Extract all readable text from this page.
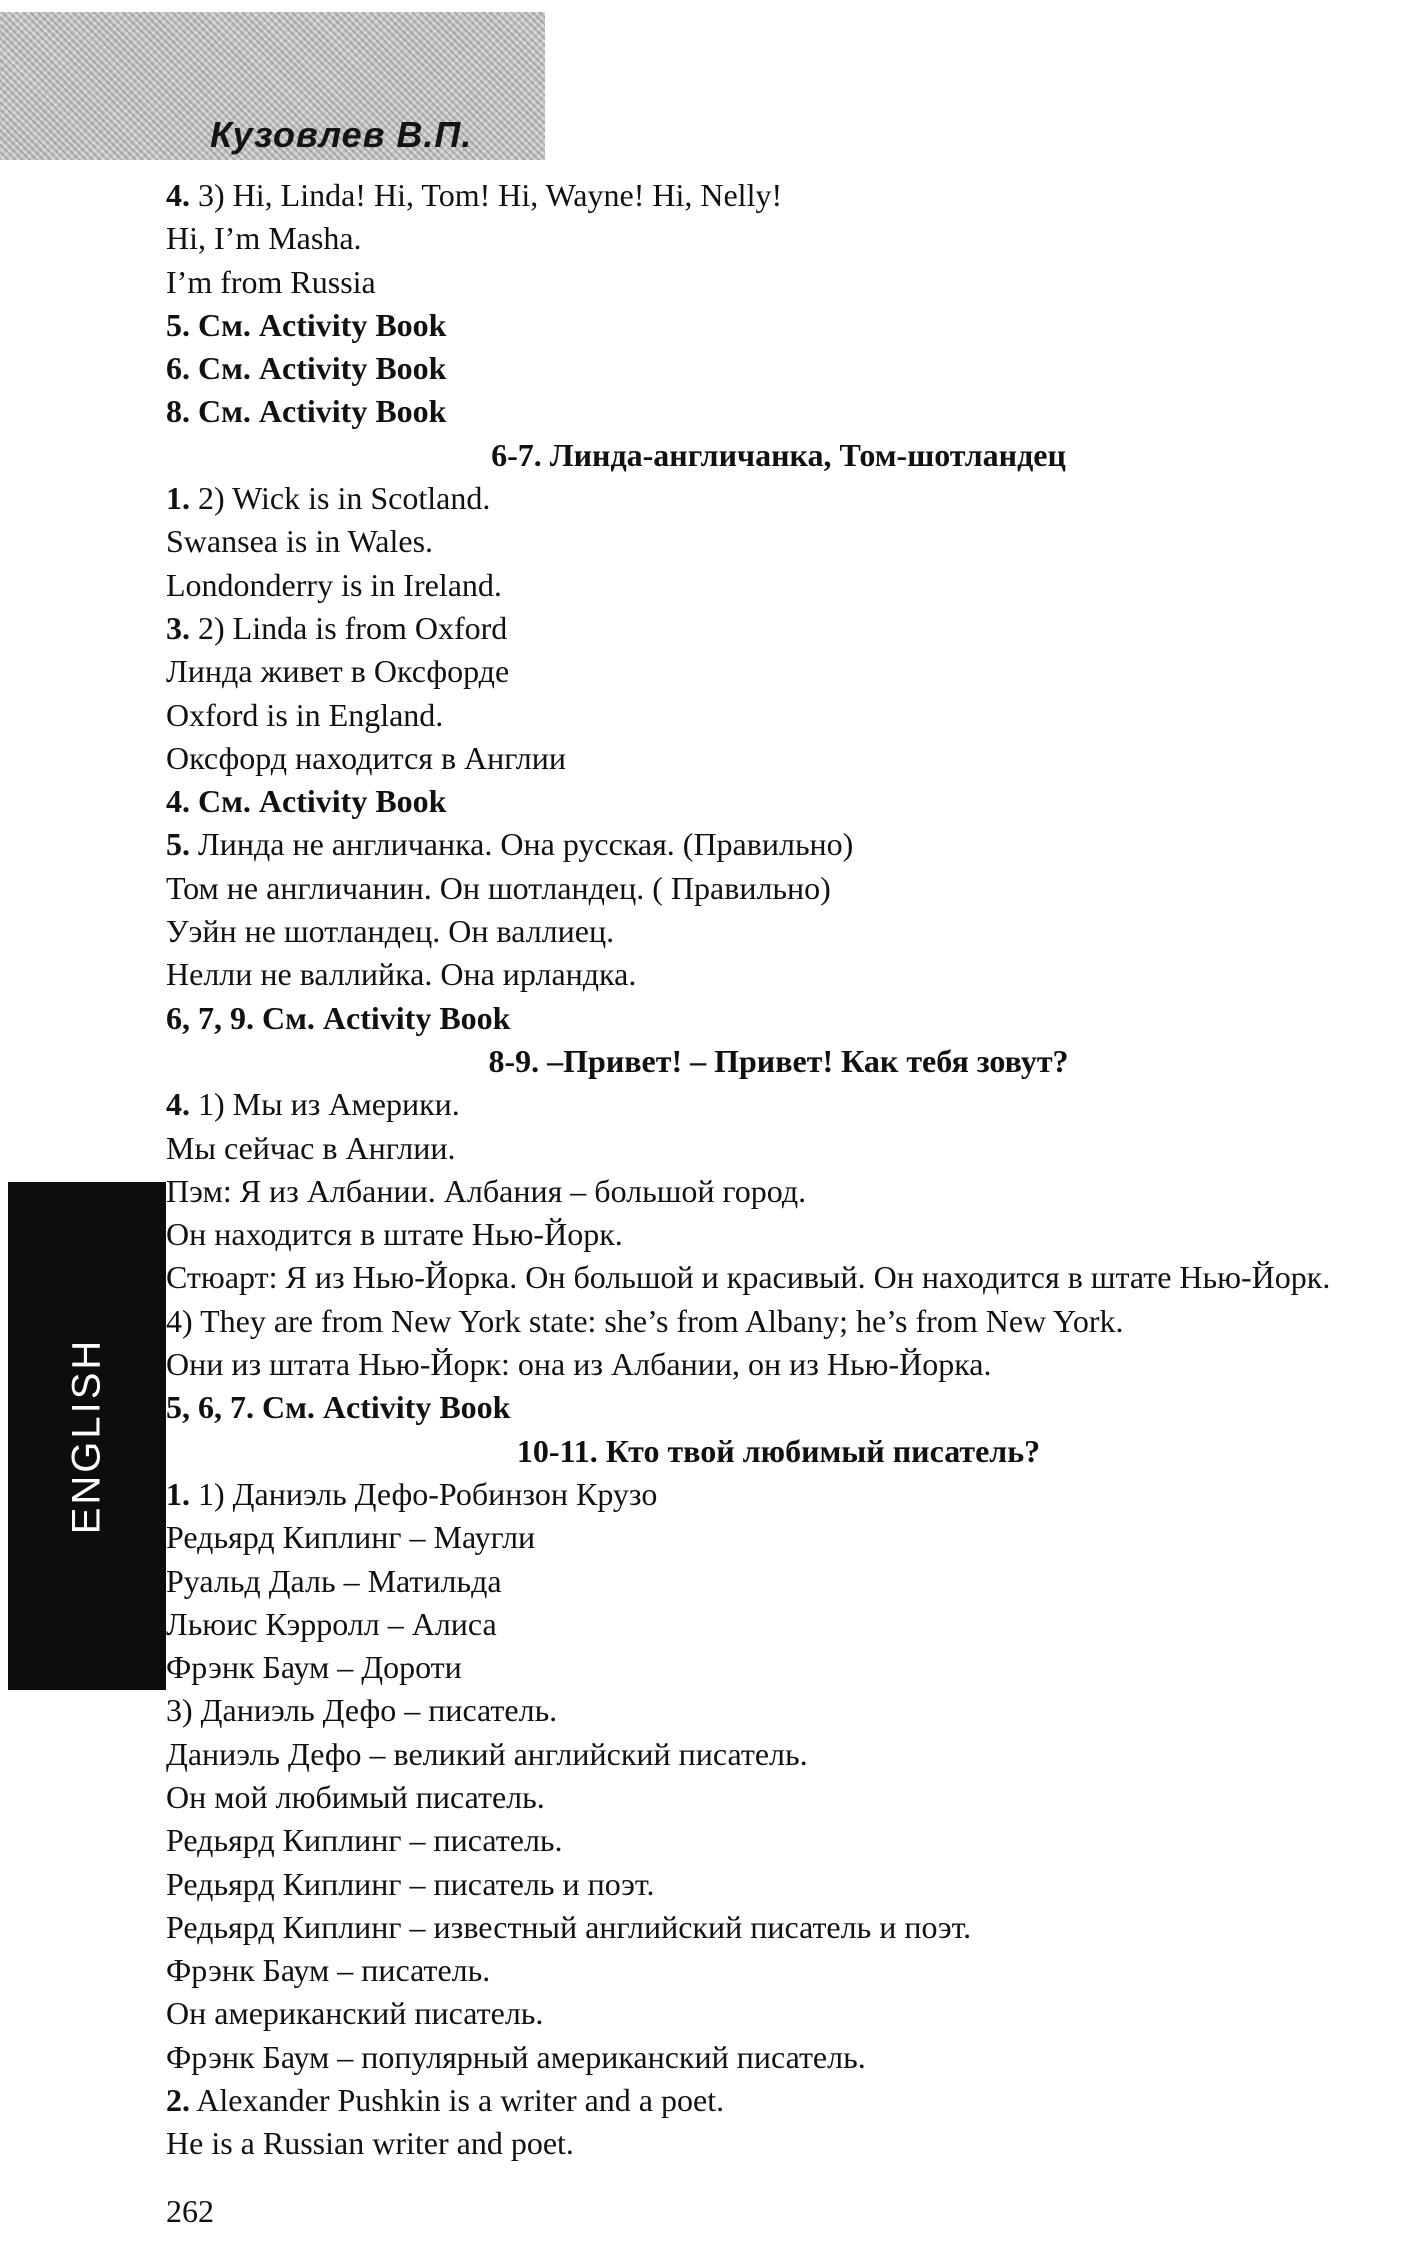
Кузовлев В.П.
ENGLISH
4. 3) Hi, Linda! Hi, Tom! Hi, Wayne! Hi, Nelly!
Hi, I’m Masha.
I’m from Russia
5. См. Activity Book
6. См. Activity Book
8. См. Activity Book
6-7. Линда-англичанка, Том-шотландец
1. 2) Wick is in Scotland.
Swansea is in Wales.
Londonderry is in Ireland.
3. 2) Linda is from Oxford
Линда живет в Оксфорде
Oxford is in England.
Оксфорд находится в Англии
4. См. Activity Book
5. Линда не англичанка. Она русская. (Правильно)
Том не англичанин. Он шотландец. ( Правильно)
Уэйн не шотландец. Он валлиец.
Нелли не валлийка. Она ирландка.
6, 7, 9. См. Activity Book
8-9. –Привет! – Привет! Как тебя зовут?
4. 1) Мы из Америки.
Мы сейчас в Англии.
Пэм: Я из Албании. Албания – большой город.
Он находится в штате Нью-Йорк.
Стюарт: Я из Нью-Йорка. Он большой и красивый. Он находится в штате Нью-Йорк.
4) They are from New York state: she’s from Albany; he’s from New York.
Они из штата Нью-Йорк: она из Албании, он из Нью-Йорка.
5, 6, 7. См. Activity Book
10-11. Кто твой любимый писатель?
1. 1) Даниэль Дефо-Робинзон Крузо
Редьярд Киплинг – Маугли
Руальд Даль – Матильда
Льюис Кэрролл – Алиса
Фрэнк Баум – Дороти
3) Даниэль Дефо – писатель.
Даниэль Дефо – великий английский писатель.
Он мой любимый писатель.
Редьярд Киплинг – писатель.
Редьярд Киплинг – писатель и поэт.
Редьярд Киплинг – известный английский писатель и поэт.
Фрэнк Баум – писатель.
Он американский писатель.
Фрэнк Баум – популярный американский писатель.
2. Alexander Pushkin is a writer and a poet.
He is a Russian writer and poet.
262
